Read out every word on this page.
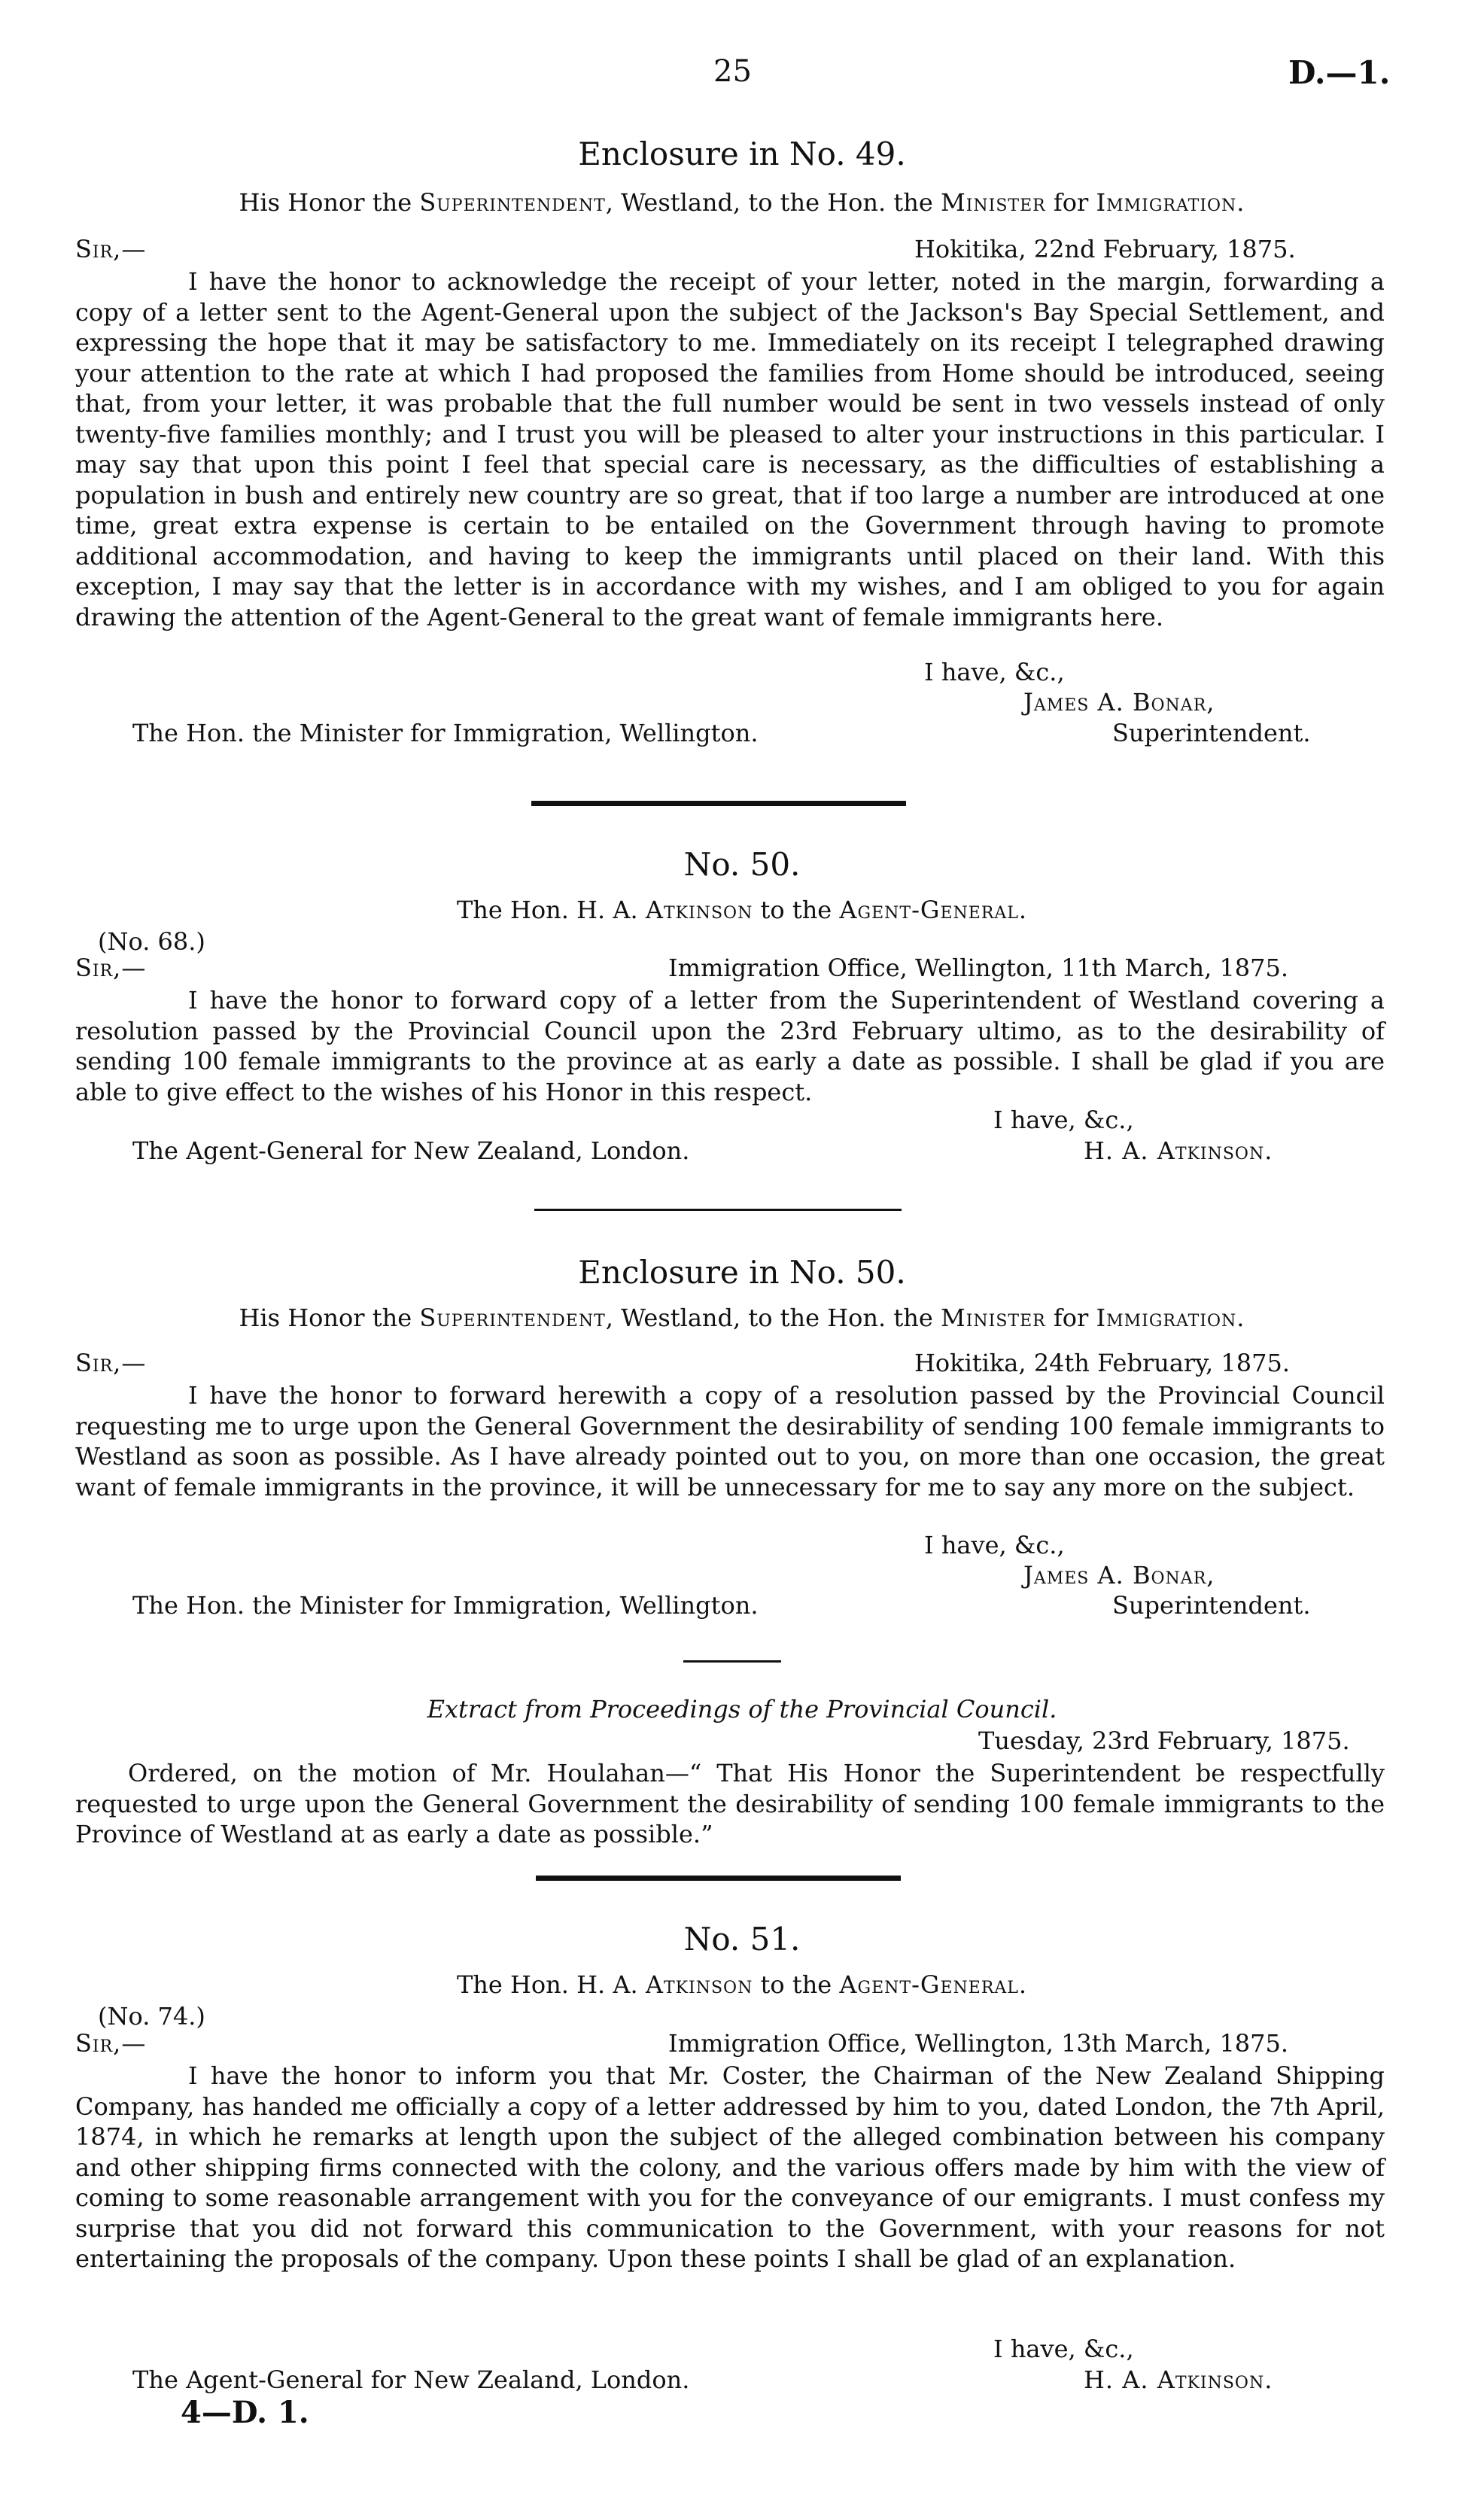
25	D.—1.
Enclosure in No. 49.
His Honor the Superintendent, Westland, to the Hon. the Minister for Immigration.
Sir,—	Hokitika, 22nd February, 1875.

I have the honor to acknowledge the receipt of your letter, noted in the margin, forwarding a copy of a letter sent to the Agent-General upon the subject of the Jackson's Bay Special Settlement, and expressing the hope that it may be satisfactory to me. Immediately on its receipt I telegraphed drawing your attention to the rate at which I had proposed the families from Home should be introduced, seeing that, from your letter, it was probable that the full number would be sent in two vessels instead of only twenty-five families monthly; and I trust you will be pleased to alter your instructions in this particular. I may say that upon this point I feel that special care is necessary, as the difficulties of establishing a population in bush and entirely new country are so great, that if too large a number are introduced at one time, great extra expense is certain to be entailed on the Government through having to promote additional accommodation, and having to keep the immigrants until placed on their land. With this exception, I may say that the letter is in accordance with my wishes, and I am obliged to you for again drawing the attention of the Agent-General to the great want of female immigrants here.

I have, &c.,
James A. Bonar,
The Hon. the Minister for Immigration, Wellington.	Superintendent.
No. 50.
The Hon. H. A. Atkinson to the Agent-General.
(No. 68.)
Sir,—	Immigration Office, Wellington, 11th March, 1875.

I have the honor to forward copy of a letter from the Superintendent of Westland covering a resolution passed by the Provincial Council upon the 23rd February ultimo, as to the desirability of sending 100 female immigrants to the province at as early a date as possible. I shall be glad if you are able to give effect to the wishes of his Honor in this respect.

I have, &c.,
The Agent-General for New Zealand, London.	H. A. Atkinson.
Enclosure in No. 50.
His Honor the Superintendent, Westland, to the Hon. the Minister for Immigration.
Sir,—	Hokitika, 24th February, 1875.

I have the honor to forward herewith a copy of a resolution passed by the Provincial Council requesting me to urge upon the General Government the desirability of sending 100 female immigrants to Westland as soon as possible. As I have already pointed out to you, on more than one occasion, the great want of female immigrants in the province, it will be unnecessary for me to say any more on the subject.

I have, &c.,
James A. Bonar,
The Hon. the Minister for Immigration, Wellington.	Superintendent.
Extract from Proceedings of the Provincial Council.
Tuesday, 23rd February, 1875.

Ordered, on the motion of Mr. Houlahan—“ That His Honor the Superintendent be respectfully requested to urge upon the General Government the desirability of sending 100 female immigrants to the Province of Westland at as early a date as possible.”

No. 51.
The Hon. H. A. Atkinson to the Agent-General.
(No. 74.)
Sir,—	Immigration Office, Wellington, 13th March, 1875.

I have the honor to inform you that Mr. Coster, the Chairman of the New Zealand Shipping Company, has handed me officially a copy of a letter addressed by him to you, dated London, the 7th April, 1874, in which he remarks at length upon the subject of the alleged combination between his company and other shipping firms connected with the colony, and the various offers made by him with the view of coming to some reasonable arrangement with you for the conveyance of our emigrants. I must confess my surprise that you did not forward this communication to the Government, with your reasons for not entertaining the proposals of the company. Upon these points I shall be glad of an explanation.

I have, &c.,
The Agent-General for New Zealand, London.	H. A. Atkinson.
4—D. 1.
